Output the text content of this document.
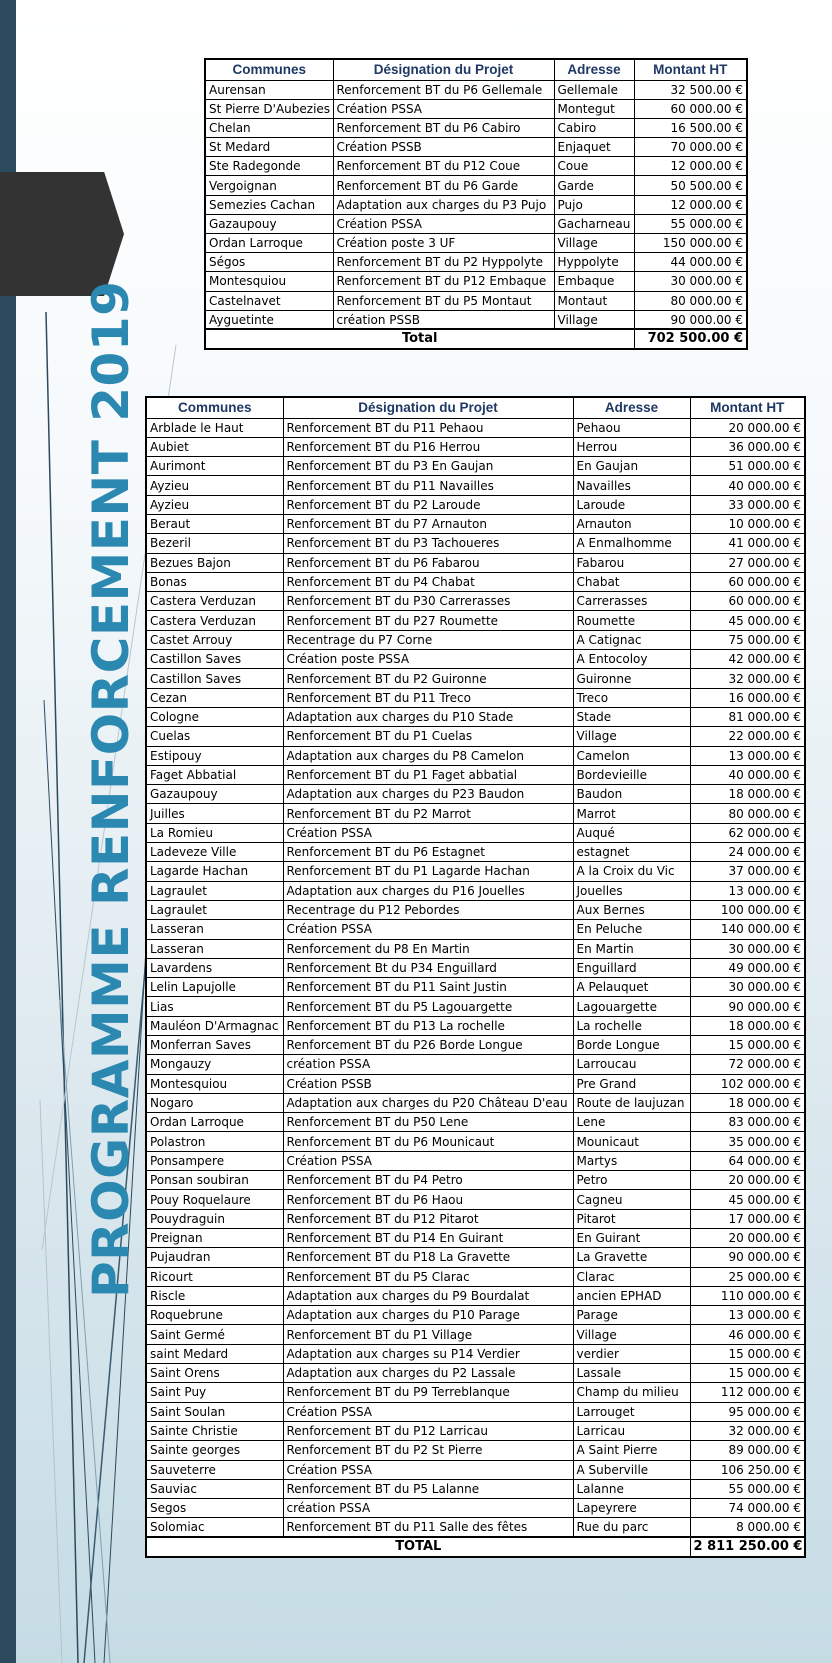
PROGRAMME RENFORCEMENT 2019
Communes	Désignation du Projet	Adresse	Montant HT
Aurensan	Renforcement BT du P6 Gellemale	Gellemale	32 500.00 €
St Pierre D'Aubezies	Création PSSA	Montegut	60 000.00 €
Chelan	Renforcement BT du P6 Cabiro	Cabiro	16 500.00 €
St Medard	Création PSSB	Enjaquet	70 000.00 €
Ste Radegonde	Renforcement BT du P12 Coue	Coue	12 000.00 €
Vergoignan	Renforcement BT du P6 Garde	Garde	50 500.00 €
Semezies Cachan	Adaptation aux charges du P3 Pujo	Pujo	12 000.00 €
Gazaupouy	Création PSSA	Gacharneau	55 000.00 €
Ordan Larroque	Création poste 3 UF	Village	150 000.00 €
Ségos	Renforcement BT du P2 Hyppolyte	Hyppolyte	44 000.00 €
Montesquiou	Renforcement BT du P12 Embaque	Embaque	30 000.00 €
Castelnavet	Renforcement BT du P5 Montaut	Montaut	80 000.00 €
Ayguetinte	création PSSB	Village	90 000.00 €
Total			702 500.00 €
Communes	Désignation du Projet	Adresse	Montant HT
Arblade le Haut	Renforcement BT du P11 Pehaou	Pehaou	20 000.00 €
Aubiet	Renforcement BT du P16 Herrou	Herrou	36 000.00 €
Aurimont	Renforcement BT du P3 En Gaujan	En Gaujan	51 000.00 €
Ayzieu	Renforcement BT du P11 Navailles	Navailles	40 000.00 €
Ayzieu	Renforcement BT du P2 Laroude	Laroude	33 000.00 €
Beraut	Renforcement BT du P7 Arnauton	Arnauton	10 000.00 €
Bezeril	Renforcement BT du P3 Tachoueres	A Enmalhomme	41 000.00 €
Bezues Bajon	Renforcement BT du P6 Fabarou	Fabarou	27 000.00 €
Bonas	Renforcement BT du P4 Chabat	Chabat	60 000.00 €
Castera Verduzan	Renforcement BT du P30 Carrerasses	Carrerasses	60 000.00 €
Castera Verduzan	Renforcement BT du P27 Roumette	Roumette	45 000.00 €
Castet Arrouy	Recentrage du P7 Corne	A Catignac	75 000.00 €
Castillon Saves	Création poste PSSA	A Entocoloy	42 000.00 €
Castillon Saves	Renforcement BT du P2 Guironne	Guironne	32 000.00 €
Cezan	Renforcement BT du P11 Treco	Treco	16 000.00 €
Cologne	Adaptation aux charges du P10 Stade	Stade	81 000.00 €
Cuelas	Renforcement BT du P1 Cuelas	Village	22 000.00 €
Estipouy	Adaptation aux charges du P8 Camelon	Camelon	13 000.00 €
Faget Abbatial	Renforcement BT du P1 Faget abbatial	Bordevieille	40 000.00 €
Gazaupouy	Adaptation aux charges du P23 Baudon	Baudon	18 000.00 €
Juilles	Renforcement BT du P2 Marrot	Marrot	80 000.00 €
La Romieu	Création PSSA	Auqué	62 000.00 €
Ladeveze Ville	Renforcement BT du P6 Estagnet	estagnet	24 000.00 €
Lagarde Hachan	Renforcement BT du P1 Lagarde Hachan	A la Croix du Vic	37 000.00 €
Lagraulet	Adaptation aux charges du P16 Jouelles	Jouelles	13 000.00 €
Lagraulet	Recentrage du P12 Pebordes	Aux Bernes	100 000.00 €
Lasseran	Création PSSA	En Peluche	140 000.00 €
Lasseran	Renforcement du P8 En Martin	En Martin	30 000.00 €
Lavardens	Renforcement Bt du P34 Enguillard	Enguillard	49 000.00 €
Lelin Lapujolle	Renforcement BT du P11 Saint Justin	A Pelauquet	30 000.00 €
Lias	Renforcement BT du P5 Lagouargette	Lagouargette	90 000.00 €
Mauléon D'Armagnac	Renforcement BT du P13 La rochelle	La rochelle	18 000.00 €
Monferran Saves	Renforcement BT du P26 Borde Longue	Borde Longue	15 000.00 €
Mongauzy	création PSSA	Larroucau	72 000.00 €
Montesquiou	Création PSSB	Pre Grand	102 000.00 €
Nogaro	Adaptation aux charges du P20 Château D'eau	Route de laujuzan	18 000.00 €
Ordan Larroque	Renforcement BT du P50 Lene	Lene	83 000.00 €
Polastron	Renforcement BT du P6 Mounicaut	Mounicaut	35 000.00 €
Ponsampere	Création PSSA	Martys	64 000.00 €
Ponsan soubiran	Renforcement BT du P4 Petro	Petro	20 000.00 €
Pouy Roquelaure	Renforcement BT du P6 Haou	Cagneu	45 000.00 €
Pouydraguin	Renforcement BT du P12 Pitarot	Pitarot	17 000.00 €
Preignan	Renforcement BT du P14 En Guirant	En Guirant	20 000.00 €
Pujaudran	Renforcement BT du P18 La Gravette	La Gravette	90 000.00 €
Ricourt	Renforcement BT du P5 Clarac	Clarac	25 000.00 €
Riscle	Adaptation aux charges du P9 Bourdalat	ancien EPHAD	110 000.00 €
Roquebrune	Adaptation aux charges du P10 Parage	Parage	13 000.00 €
Saint Germé	Renforcement BT du P1 Village	Village	46 000.00 €
saint Medard	Adaptation aux charges su P14 Verdier	verdier	15 000.00 €
Saint Orens	Adaptation aux charges du P2 Lassale	Lassale	15 000.00 €
Saint Puy	Renforcement BT du P9 Terreblanque	Champ du milieu	112 000.00 €
Saint Soulan	Création PSSA	Larrouget	95 000.00 €
Sainte Christie	Renforcement BT du P12 Larricau	Larricau	32 000.00 €
Sainte georges	Renforcement BT du P2 St Pierre	A Saint Pierre	89 000.00 €
Sauveterre	Création PSSA	A Suberville	106 250.00 €
Sauviac	Renforcement BT du P5 Lalanne	Lalanne	55 000.00 €
Segos	création PSSA	Lapeyrere	74 000.00 €
Solomiac	Renforcement BT du P11 Salle des fêtes	Rue du parc	8 000.00 €
TOTAL			2 811 250.00 €
